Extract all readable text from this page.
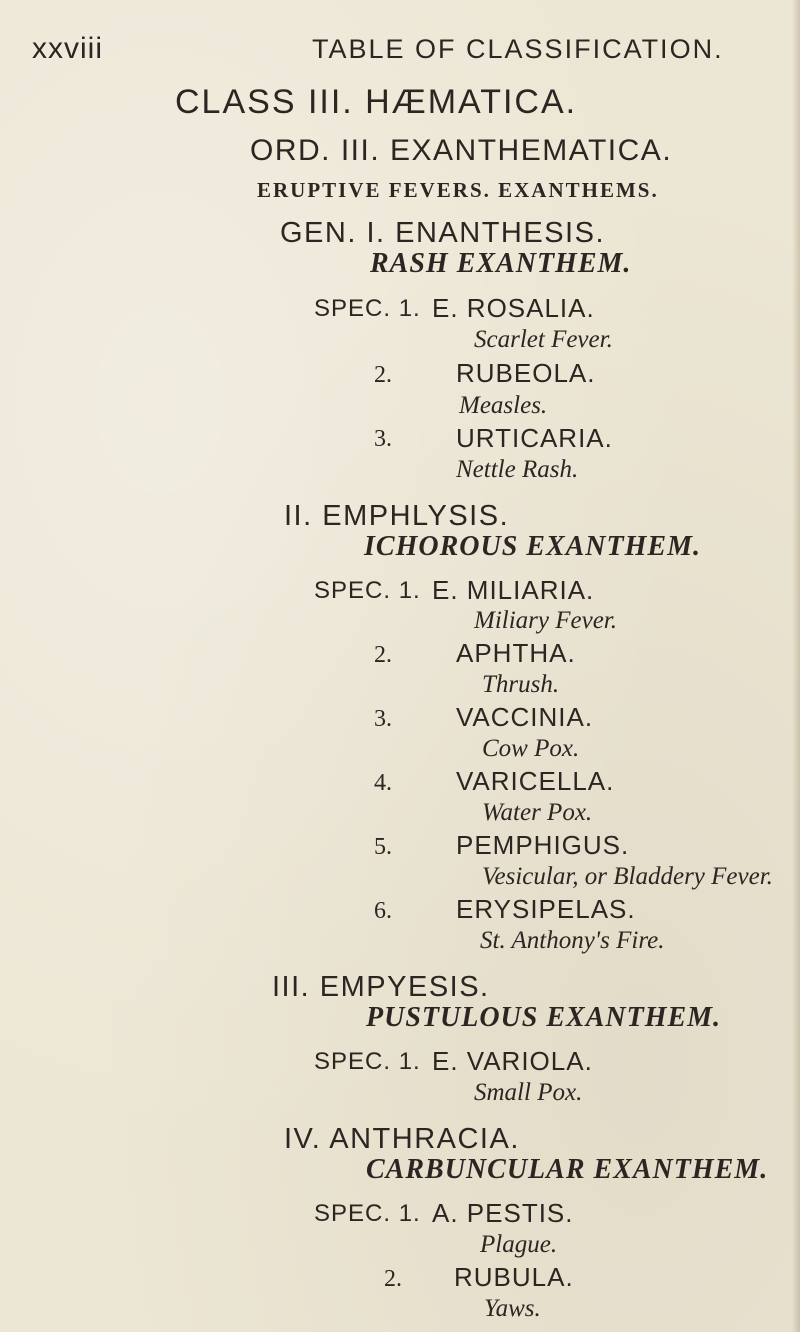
xxviii	TABLE OF CLASSIFICATION.
CLASS III. HÆMATICA.
ORD. III. EXANTHEMATICA.
ERUPTIVE FEVERS. EXANTHEMS.
GEN. I. ENANTHESIS.
RASH EXANTHEM.
SPEC. 1. E. ROSALIA.
Scarlet Fever.
2. RUBEOLA.
Measles.
3. URTICARIA.
Nettle Rash.
II. EMPHLYSIS.
ICHOROUS EXANTHEM.
SPEC. 1. E. MILIARIA.
Miliary Fever.
2. APHTHA.
Thrush.
3. VACCINIA.
Cow Pox.
4. VARICELLA.
Water Pox.
5. PEMPHIGUS.
Vesicular, or Bladdery Fever.
6. ERYSIPELAS.
St. Anthony's Fire.
III. EMPYESIS.
PUSTULOUS EXANTHEM.
SPEC. 1. E. VARIOLA.
Small Pox.
IV. ANTHRACIA.
CARBUNCULAR EXANTHEM.
SPEC. 1. A. PESTIS.
Plague.
2. RUBULA.
Yaws.
